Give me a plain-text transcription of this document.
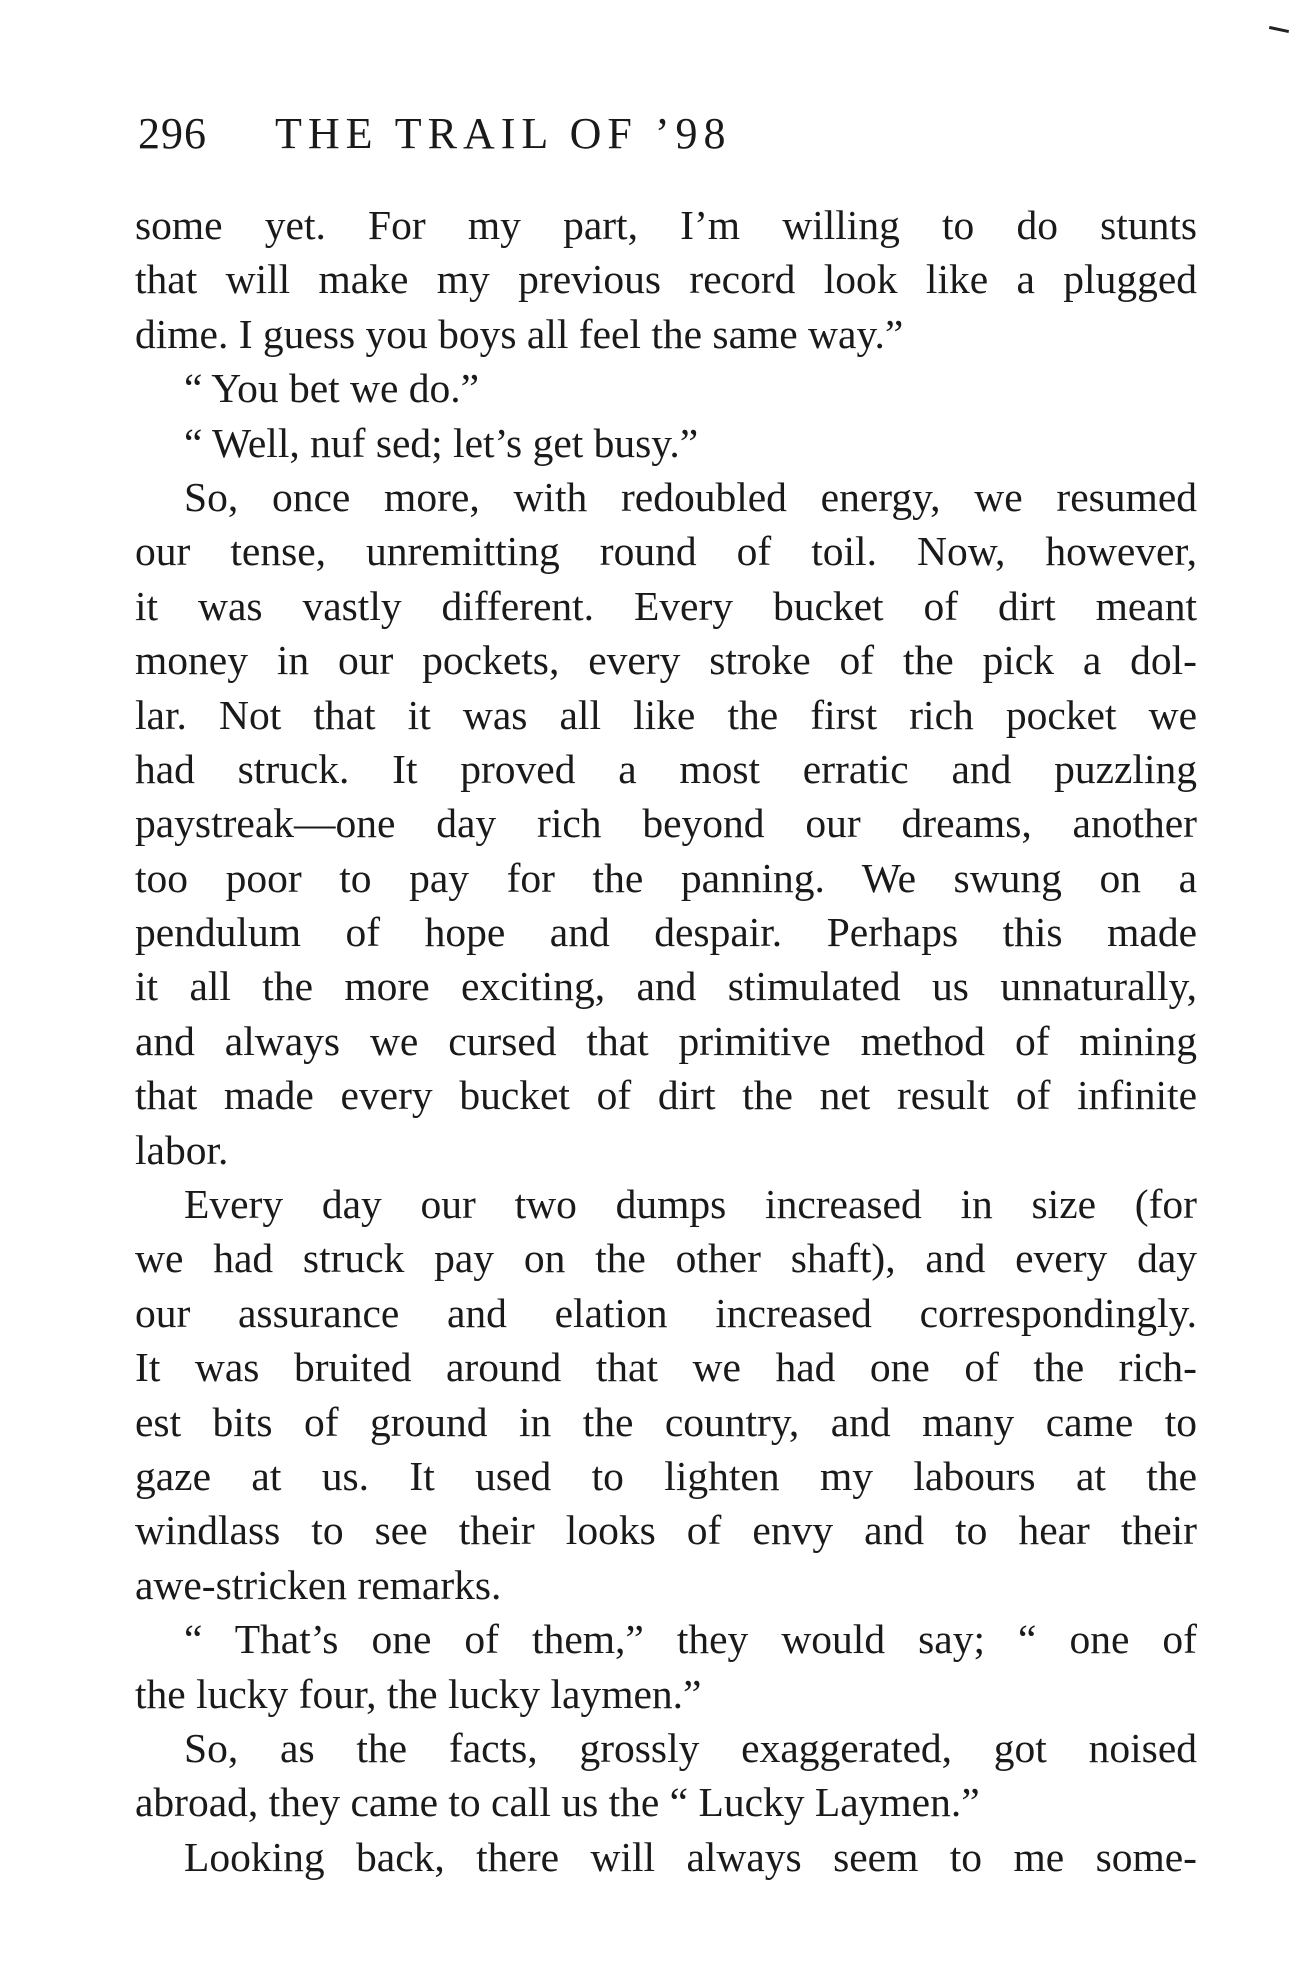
296 THE TRAIL OF ’98
some yet. For my part, I’m willing to do stunts
that will make my previous record look like a plugged
dime. I guess you boys all feel the same way.”
“ You bet we do.”
“ Well, nuf sed; let’s get busy.”
So, once more, with redoubled energy, we resumed
our tense, unremitting round of toil. Now, however,
it was vastly different. Every bucket of dirt meant
money in our pockets, every stroke of the pick a dol-
lar. Not that it was all like the first rich pocket we
had struck. It proved a most erratic and puzzling
paystreak—one day rich beyond our dreams, another
too poor to pay for the panning. We swung on a
pendulum of hope and despair. Perhaps this made
it all the more exciting, and stimulated us unnaturally,
and always we cursed that primitive method of mining
that made every bucket of dirt the net result of infinite
labor.
Every day our two dumps increased in size (for
we had struck pay on the other shaft), and every day
our assurance and elation increased correspondingly.
It was bruited around that we had one of the rich-
est bits of ground in the country, and many came to
gaze at us. It used to lighten my labours at the
windlass to see their looks of envy and to hear their
awe-stricken remarks.
“ That’s one of them,” they would say; “ one of
the lucky four, the lucky laymen.”
So, as the facts, grossly exaggerated, got noised
abroad, they came to call us the “ Lucky Laymen.”
Looking back, there will always seem to me some-
